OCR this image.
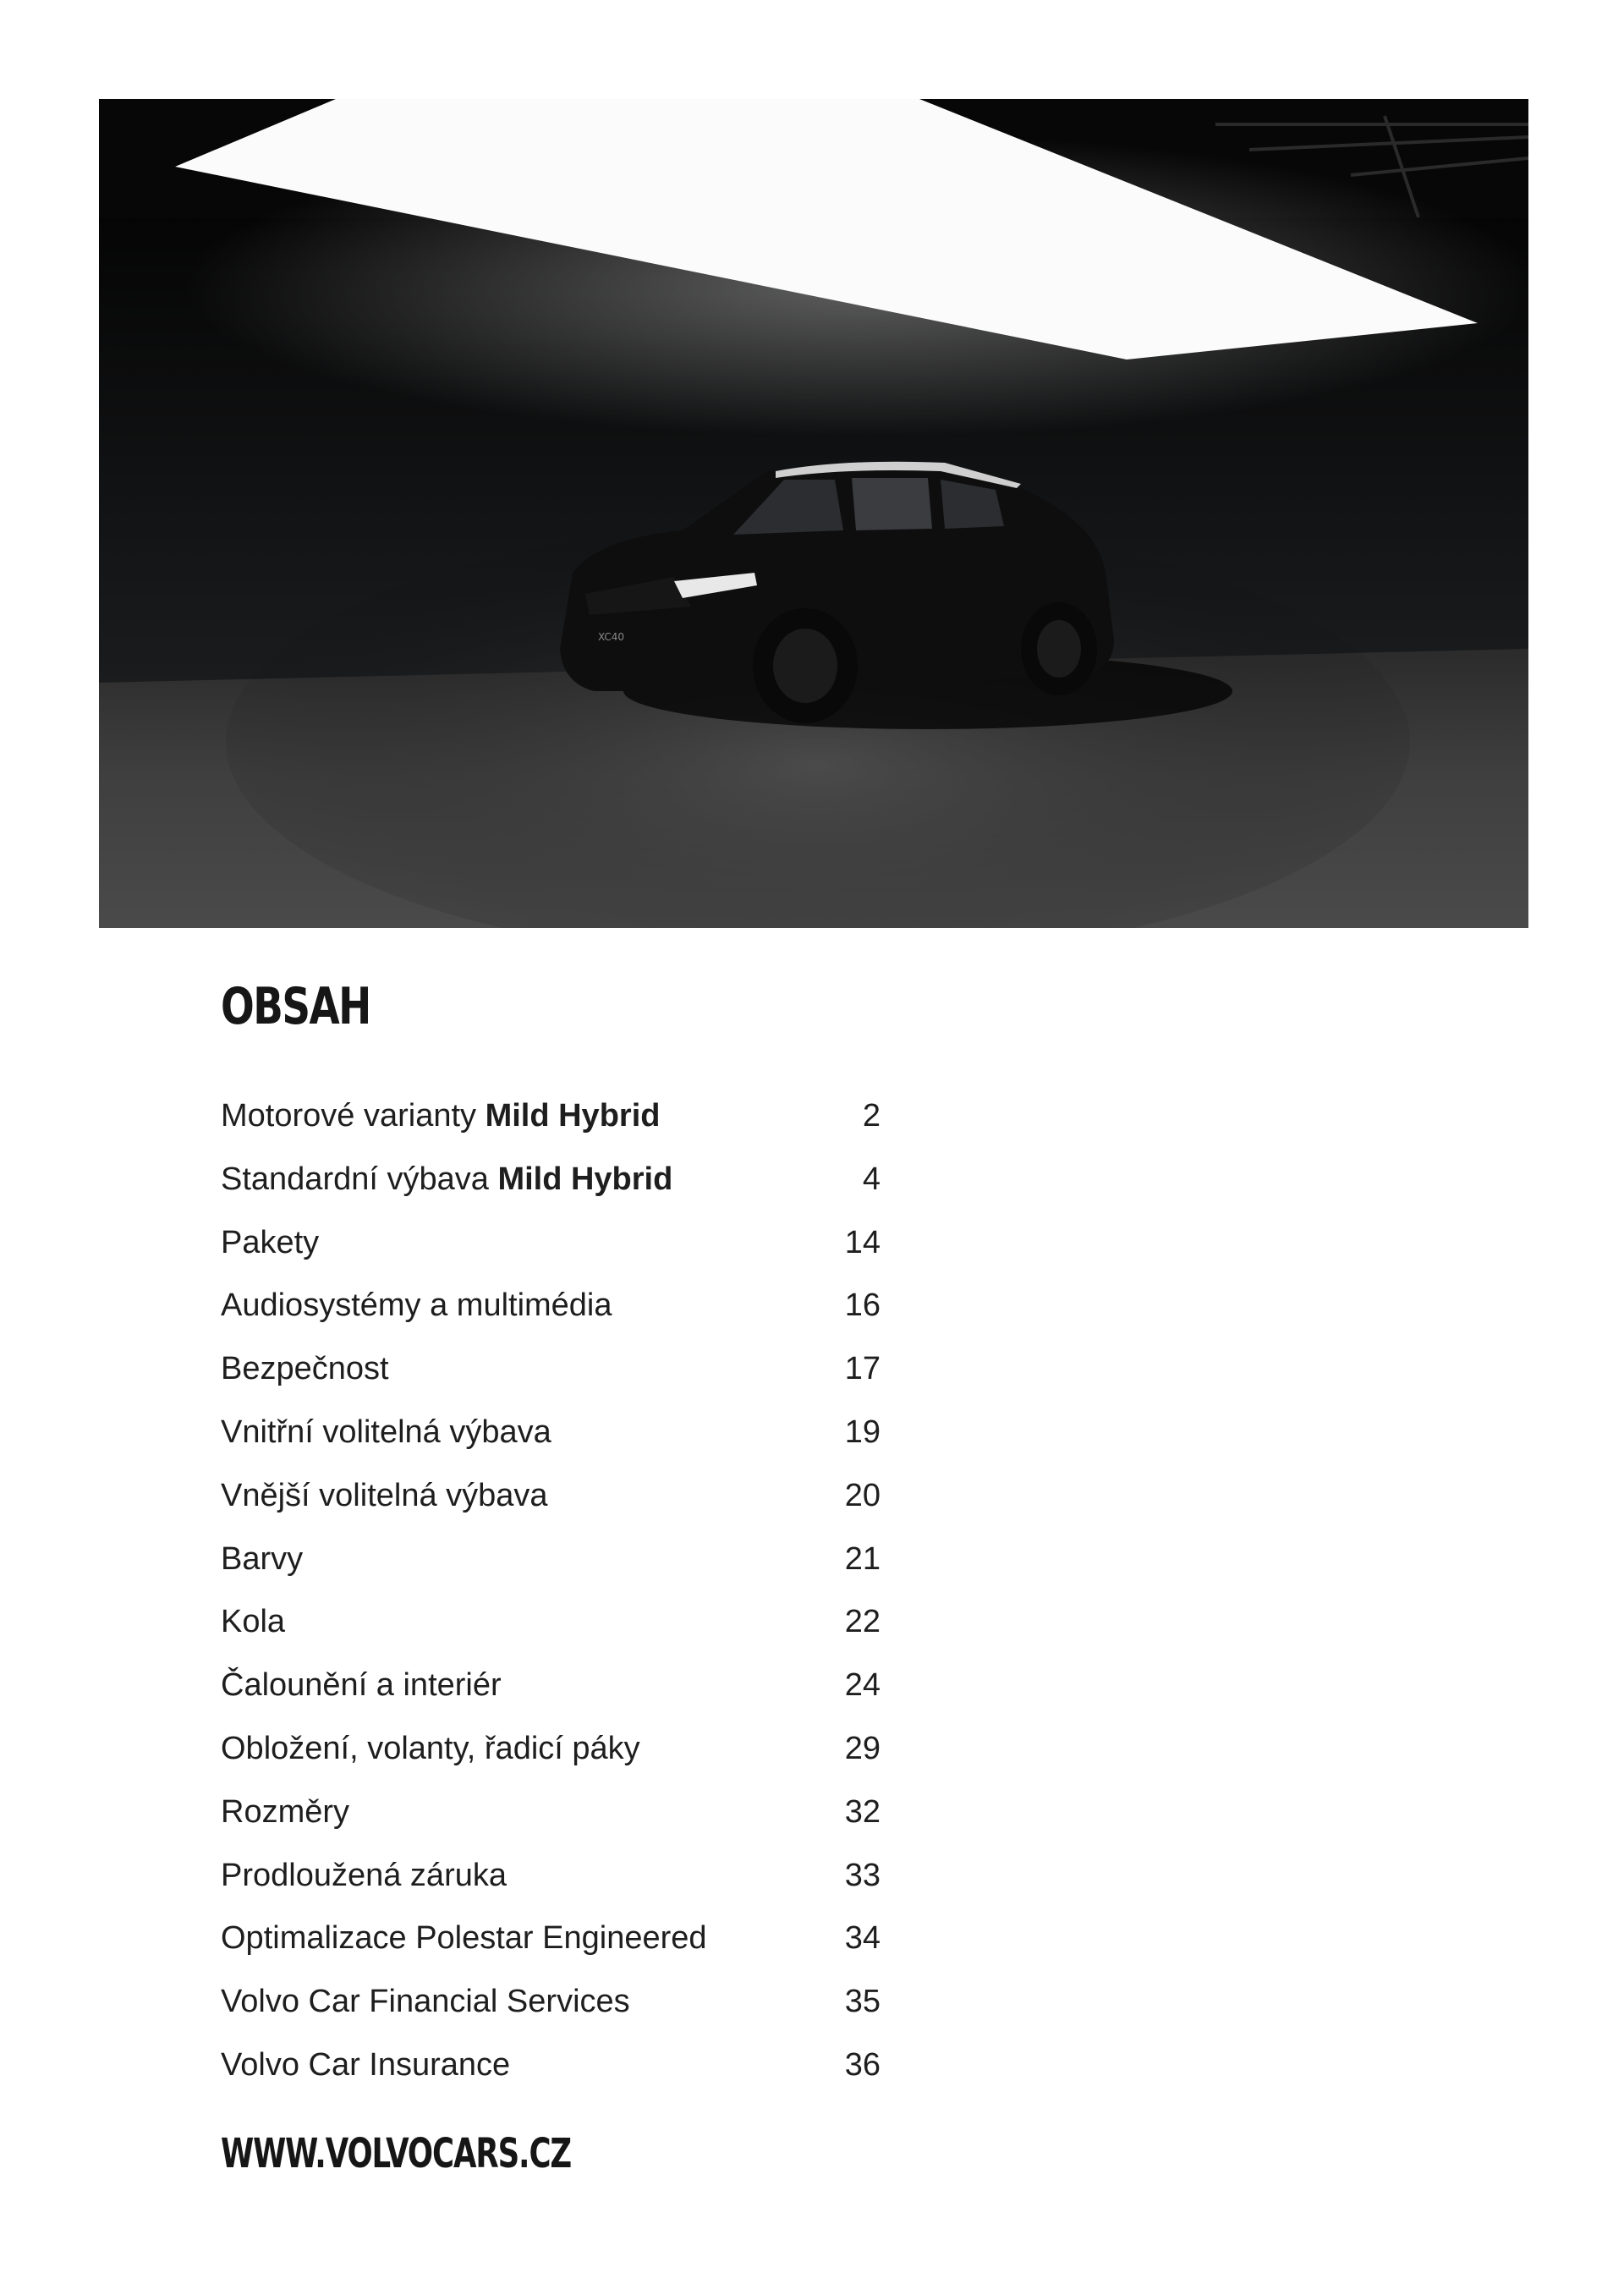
XC40
OBSAH
Motorové varianty Mild Hybrid	2
Standardní výbava Mild Hybrid	4
Pakety	14
Audiosystémy a multimédia	16
Bezpečnost	17
Vnitřní volitelná výbava	19
Vnější volitelná výbava	20
Barvy	21
Kola	22
Čalounění a interiér	24
Obložení, volanty, řadicí páky	29
Rozměry	32
Prodloužená záruka	33
Optimalizace Polestar Engineered	34
Volvo Car Financial Services	35
Volvo Car Insurance	36

WWW.VOLVOCARS.CZ
